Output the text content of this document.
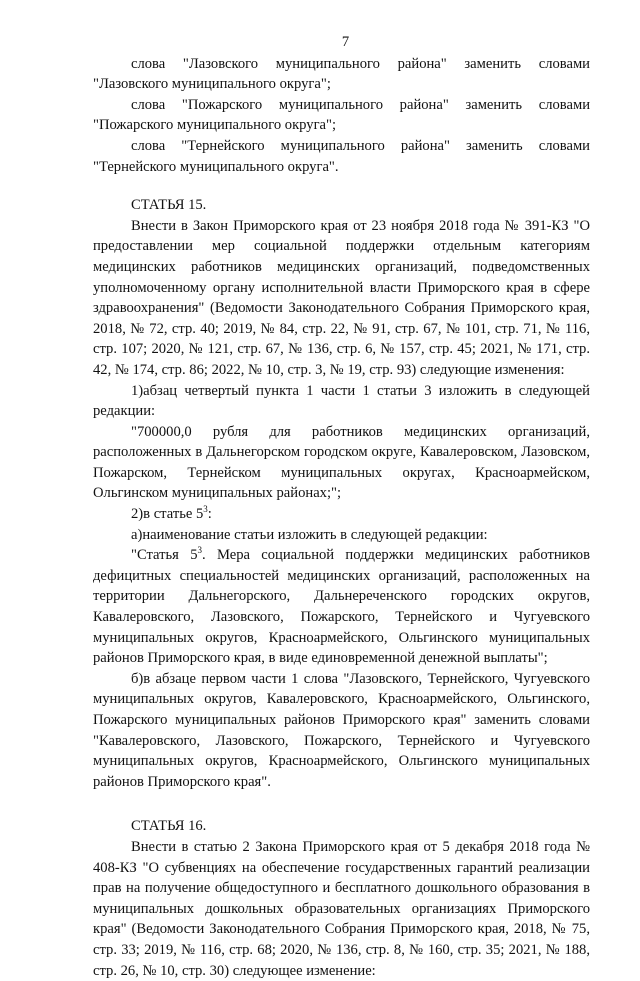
7

слова "Лазовского муниципального района" заменить словами "Лазовского муниципального округа";

слова "Пожарского муниципального района" заменить словами "Пожарского муниципального округа";

слова "Тернейского муниципального района" заменить словами "Тернейского муниципального округа".

СТАТЬЯ 15.

Внести в Закон Приморского края от 23 ноября 2018 года № 391-КЗ "О предоставлении мер социальной поддержки отдельным категориям медицинских работников медицинских организаций, подведомственных уполномоченному органу исполнительной власти Приморского края в сфере здравоохранения" (Ведомости Законодательного Собрания Приморского края, 2018, № 72, стр. 40; 2019, № 84, стр. 22, № 91, стр. 67, № 101, стр. 71, № 116, стр. 107; 2020, № 121, стр. 67, № 136, стр. 6, № 157, стр. 45; 2021, № 171, стр. 42, № 174, стр. 86; 2022, № 10, стр. 3, № 19, стр. 93) следующие изменения:

1)абзац четвертый пункта 1 части 1 статьи 3 изложить в следующей редакции:

"700000,0 рубля для работников медицинских организаций, расположенных в Дальнегорском городском округе, Кавалеровском, Лазовском, Пожарском, Тернейском муниципальных округах, Красноармейском, Ольгинском муниципальных районах;";

2)в статье $5^3$:

а)наименование статьи изложить в следующей редакции:

"Статья $5^3$. Мера социальной поддержки медицинских работников дефицитных специальностей медицинских организаций, расположенных на территории Дальнегорского, Дальнереченского городских округов, Кавалеровского, Лазовского, Пожарского, Тернейского и Чугуевского муниципальных округов, Красноармейского, Ольгинского муниципальных районов Приморского края, в виде единовременной денежной выплаты";

б)в абзаце первом части 1 слова "Лазовского, Тернейского, Чугуевского муниципальных округов, Кавалеровского, Красноармейского, Ольгинского, Пожарского муниципальных районов Приморского края" заменить словами "Кавалеровского, Лазовского, Пожарского, Тернейского и Чугуевского муниципальных округов, Красноармейского, Ольгинского муниципальных районов Приморского края".

СТАТЬЯ 16.

Внести в статью 2 Закона Приморского края от 5 декабря 2018 года № 408-КЗ "О субвенциях на обеспечение государственных гарантий реализации прав на получение общедоступного и бесплатного дошкольного образования в муниципальных дошкольных образовательных организациях Приморского края" (Ведомости Законодательного Собрания Приморского края, 2018, № 75, стр. 33; 2019, № 116, стр. 68; 2020, № 136, стр. 8, № 160, стр. 35; 2021, № 188, стр. 26, № 10, стр. 30) следующее изменение:
